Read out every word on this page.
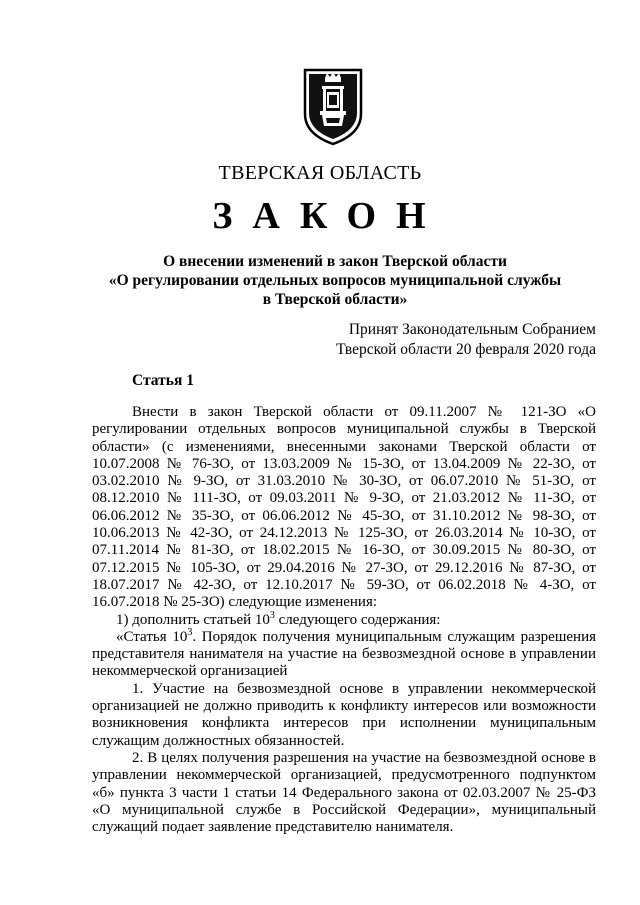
ТВЕРСКАЯ ОБЛАСТЬ
ЗАКОН
О внесении изменений в закон Тверской области
«О регулировании отдельных вопросов муниципальной службы
в Тверской области»
Принят Законодательным Собранием
Тверской области 20 февраля 2020 года
Статья 1

Внести в закон Тверской области от 09.11.2007 № 121-ЗО «О регулировании отдельных вопросов муниципальной службы в Тверской области» (с изменениями, внесенными законами Тверской области от 10.07.2008 № 76-ЗО, от 13.03.2009 № 15-ЗО, от 13.04.2009 № 22-ЗО, от 03.02.2010 № 9-ЗО, от 31.03.2010 № 30-ЗО, от 06.07.2010 № 51-ЗО, от 08.12.2010 № 111-ЗО, от 09.03.2011 № 9-ЗО, от 21.03.2012 № 11-ЗО, от 06.06.2012 № 35-ЗО, от 06.06.2012 № 45-ЗО, от 31.10.2012 № 98-ЗО, от 10.06.2013 № 42-ЗО, от 24.12.2013 № 125-ЗО, от 26.03.2014 № 10-ЗО, от 07.11.2014 № 81-ЗО, от 18.02.2015 № 16-ЗО, от 30.09.2015 № 80-ЗО, от 07.12.2015 № 105-ЗО, от 29.04.2016 № 27-ЗО, от 29.12.2016 № 87-ЗО, от 18.07.2017 № 42-ЗО, от 12.10.2017 № 59-ЗО, от 06.02.2018 № 4-ЗО, от 16.07.2018 № 25-ЗО) следующие изменения:

1) дополнить статьей $10^3$ следующего содержания:

«Статья $10^3$. Порядок получения муниципальным служащим разрешения представителя нанимателя на участие на безвозмездной основе в управлении некоммерческой организацией

1. Участие на безвозмездной основе в управлении некоммерческой организацией не должно приводить к конфликту интересов или возможности возникновения конфликта интересов при исполнении муниципальным служащим должностных обязанностей.

2. В целях получения разрешения на участие на безвозмездной основе в управлении некоммерческой организацией, предусмотренного подпунктом «б» пункта 3 части 1 статьи 14 Федерального закона от 02.03.2007 № 25-ФЗ «О муниципальной службе в Российской Федерации», муниципальный служащий подает заявление представителю нанимателя.
